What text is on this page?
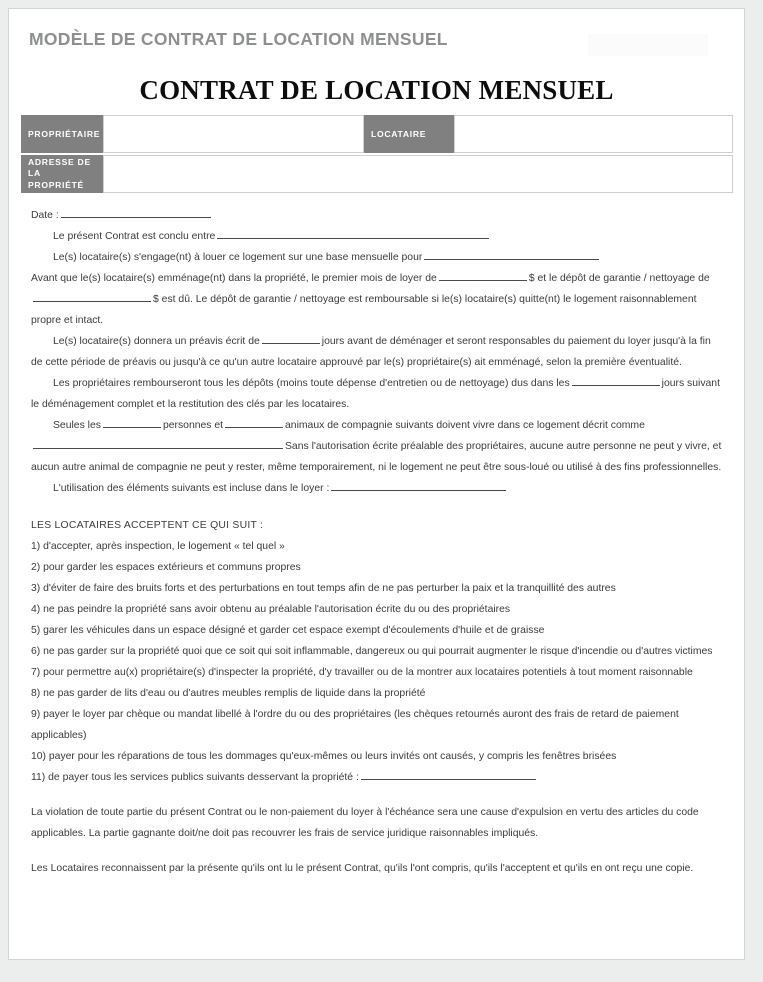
MODÈLE DE CONTRAT DE LOCATION MENSUEL
CONTRAT DE LOCATION MENSUEL
PROPRIÉTAIRE	LOCATAIRE
ADRESSE DE
LA PROPRIÉTÉ

Date :

Le présent Contrat est conclu entre

Le(s) locataire(s) s'engage(nt) à louer ce logement sur une base mensuelle pour

Avant que le(s) locataire(s) emménage(nt) dans la propriété, le premier mois de loyer de	$ et le dépôt de garantie / nettoyage de

$ est dû. Le dépôt de garantie / nettoyage est remboursable si le(s) locataire(s) quitte(nt) le logement raisonnablement propre et intact.

Le(s) locataire(s) donnera un préavis écrit de	jours avant de déménager et seront responsables du paiement du loyer jusqu'à la fin de cette période de préavis ou jusqu'à ce qu'un autre locataire approuvé par le(s) propriétaire(s) ait emménagé, selon la première éventualité.

Les propriétaires rembourseront tous les dépôts (moins toute dépense d'entretien ou de nettoyage) dus dans les	jours suivant le déménagement complet et la restitution des clés par les locataires.

Seules les	personnes et	animaux de compagnie suivants doivent vivre dans ce logement décrit comme

Sans l'autorisation écrite préalable des propriétaires, aucune autre personne ne peut y vivre, et aucun autre animal de compagnie ne peut y rester, même temporairement, ni le logement ne peut être sous-loué ou utilisé à des fins professionnelles.

L'utilisation des éléments suivants est incluse dans le loyer :

LES LOCATAIRES ACCEPTENT CE QUI SUIT :

1) d'accepter, après inspection, le logement « tel quel »

2) pour garder les espaces extérieurs et communs propres

3) d'éviter de faire des bruits forts et des perturbations en tout temps afin de ne pas perturber la paix et la tranquillité des autres

4) ne pas peindre la propriété sans avoir obtenu au préalable l'autorisation écrite du ou des propriétaires

5) garer les véhicules dans un espace désigné et garder cet espace exempt d'écoulements d'huile et de graisse

6) ne pas garder sur la propriété quoi que ce soit qui soit inflammable, dangereux ou qui pourrait augmenter le risque d'incendie ou d'autres victimes

7) pour permettre au(x) propriétaire(s) d'inspecter la propriété, d'y travailler ou de la montrer aux locataires potentiels à tout moment raisonnable

8) ne pas garder de lits d'eau ou d'autres meubles remplis de liquide dans la propriété

9) payer le loyer par chèque ou mandat libellé à l'ordre du ou des propriétaires (les chèques retournés auront des frais de retard de paiement applicables)

10) payer pour les réparations de tous les dommages qu'eux-mêmes ou leurs invités ont causés, y compris les fenêtres brisées

11) de payer tous les services publics suivants desservant la propriété :

La violation de toute partie du présent Contrat ou le non-paiement du loyer à l'échéance sera une cause d'expulsion en vertu des articles du code applicables. La partie gagnante doit/ne doit pas recouvrer les frais de service juridique raisonnables impliqués.

Les Locataires reconnaissent par la présente qu'ils ont lu le présent Contrat, qu'ils l'ont compris, qu'ils l'acceptent et qu'ils en ont reçu une copie.
